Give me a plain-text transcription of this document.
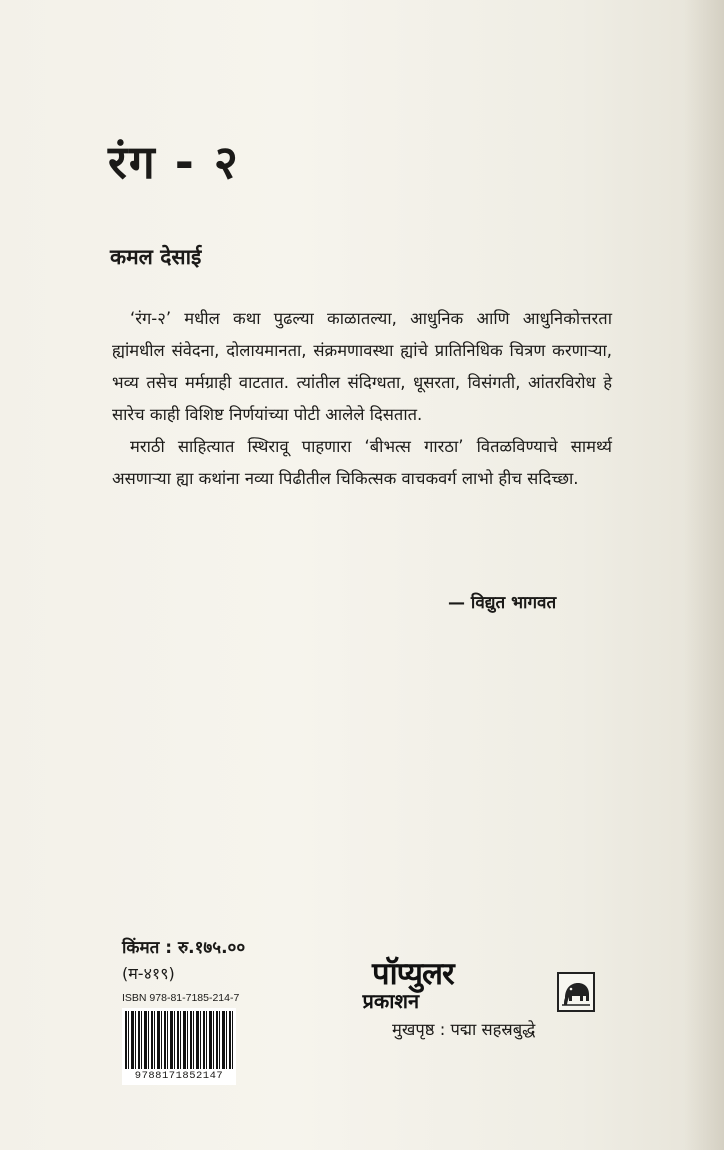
रंग - २
कमल देसाई

‘रंग-२’ मधील कथा पुढल्या काळातल्या, आधुनिक आणि आधुनिकोत्तरता ह्यांमधील संवेदना, दोलायमानता, संक्रमणावस्था ह्यांचे प्रातिनिधिक चित्रण करणाऱ्या, भव्य तसेच मर्मग्राही वाटतात. त्यांतील संदिग्धता, धूसरता, विसंगती, आंतरविरोध हे सारेच काही विशिष्ट निर्णयांच्या पोटी आलेले दिसतात.

मराठी साहित्यात स्थिरावू पाहणारा ‘बीभत्स गारठा’ वितळविण्याचे सामर्थ्य असणाऱ्या ह्या कथांना नव्या पिढीतील चिकित्सक वाचकवर्ग लाभो हीच सदिच्छा.

— विद्युत भागवत
किंमत : रु.१७५.००
(म-४१९)
ISBN 978-81-7185-214-7
9788171852147
पॉप्युलर
प्रकाशन
मुखपृष्ठ : पद्मा सहस्रबुद्धे
